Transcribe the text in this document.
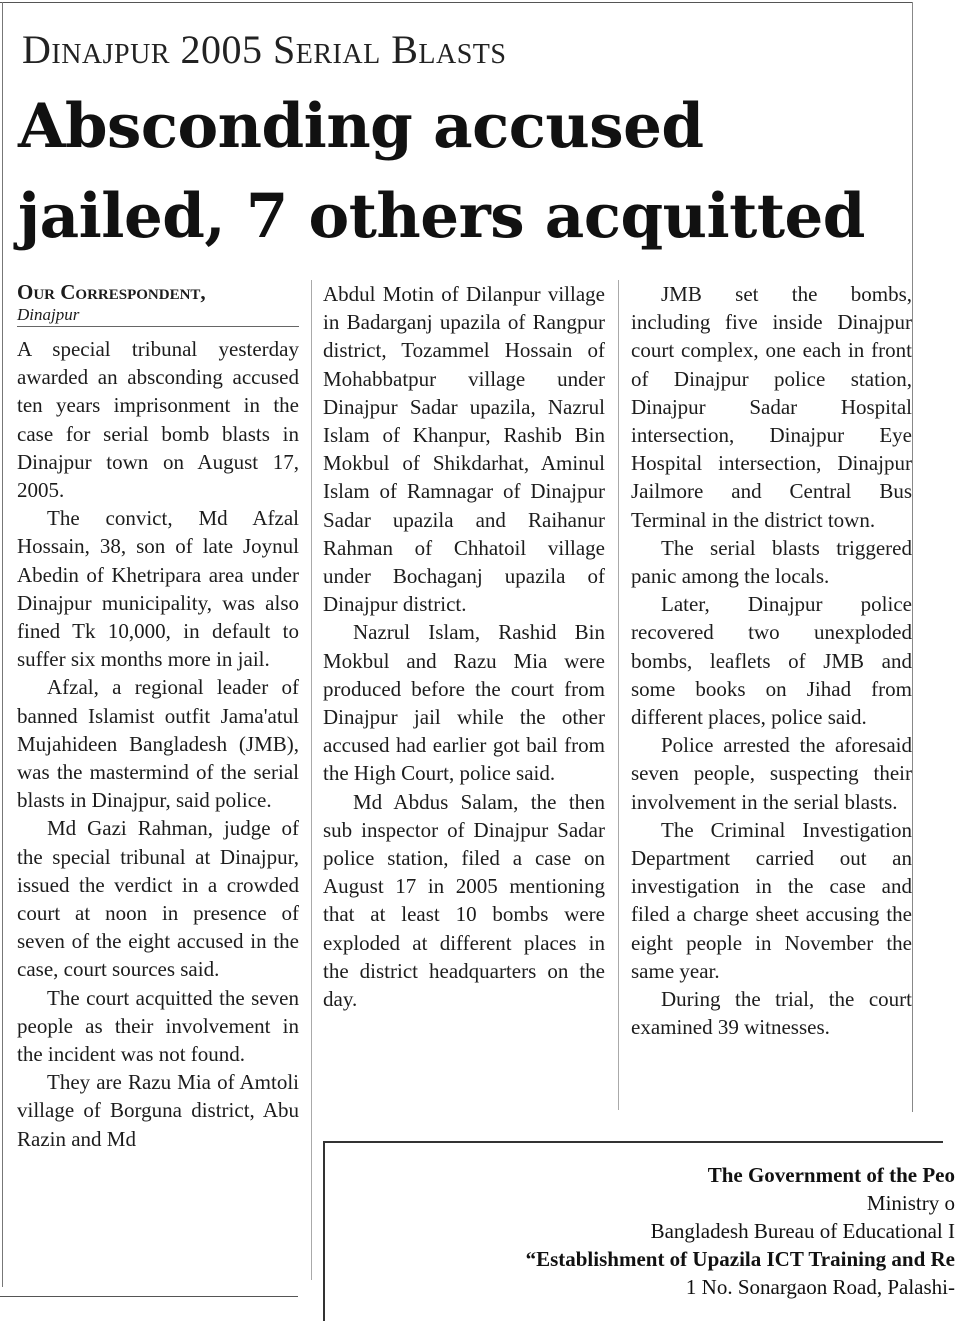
Dinajpur 2005 Serial Blasts
Absconding accused jailed, 7 others acquitted

Our Correspondent,

Dinajpur

A special tribunal yesterday awarded an absconding accused ten years imprisonment in the case for serial bomb blasts in Dinajpur town on August 17, 2005.

The convict, Md Afzal Hossain, 38, son of late Joynul Abedin of Khetripara area under Dinajpur municipality, was also fined Tk 10,000, in default to suffer six months more in jail.

Afzal, a regional leader of banned Islamist outfit Jama'atul Mujahideen Bangladesh (JMB), was the mastermind of the serial blasts in Dinajpur, said police.

Md Gazi Rahman, judge of the special tribunal at Dinajpur, issued the verdict in a crowded court at noon in presence of seven of the eight accused in the case, court sources said.

The court acquitted the seven people as their involvement in the incident was not found.

They are Razu Mia of Amtoli village of Borguna district, Abu Razin and Md

Abdul Motin of Dilanpur village in Badarganj upazila of Rangpur district, Tozammel Hossain of Mohabbatpur village under Dinajpur Sadar upazila, Nazrul Islam of Khanpur, Rashib Bin Mokbul of Shikdarhat, Aminul Islam of Ramnagar of Dinajpur Sadar upazila and Raihanur Rahman of Chhatoil village under Bochaganj upazila of Dinajpur district.

Nazrul Islam, Rashid Bin Mokbul and Razu Mia were produced before the court from Dinajpur jail while the other accused had earlier got bail from the High Court, police said.

Md Abdus Salam, the then sub inspector of Dinajpur Sadar police station, filed a case on August 17 in 2005 mentioning that at least 10 bombs were exploded at different places in the district headquarters on the day.

JMB set the bombs, including five inside Dinajpur court complex, one each in front of Dinajpur police station, Dinajpur Sadar Hospital intersection, Dinajpur Eye Hospital intersection, Dinajpur Jailmore and Central Bus Terminal in the district town.

The serial blasts triggered panic among the locals.

Later, Dinajpur police recovered two unexploded bombs, leaflets of JMB and some books on Jihad from different places, police said.

Police arrested the aforesaid seven people, suspecting their involvement in the serial blasts.

The Criminal Investigation Department carried out an investigation in the case and filed a charge sheet accusing the eight people in November the same year.

During the trial, the court examined 39 witnesses.

The Government of the Peo
Ministry o
Bangladesh Bureau of Educational I
“Establishment of Upazila ICT Training and Re
1 No. Sonargaon Road, Palashi-
